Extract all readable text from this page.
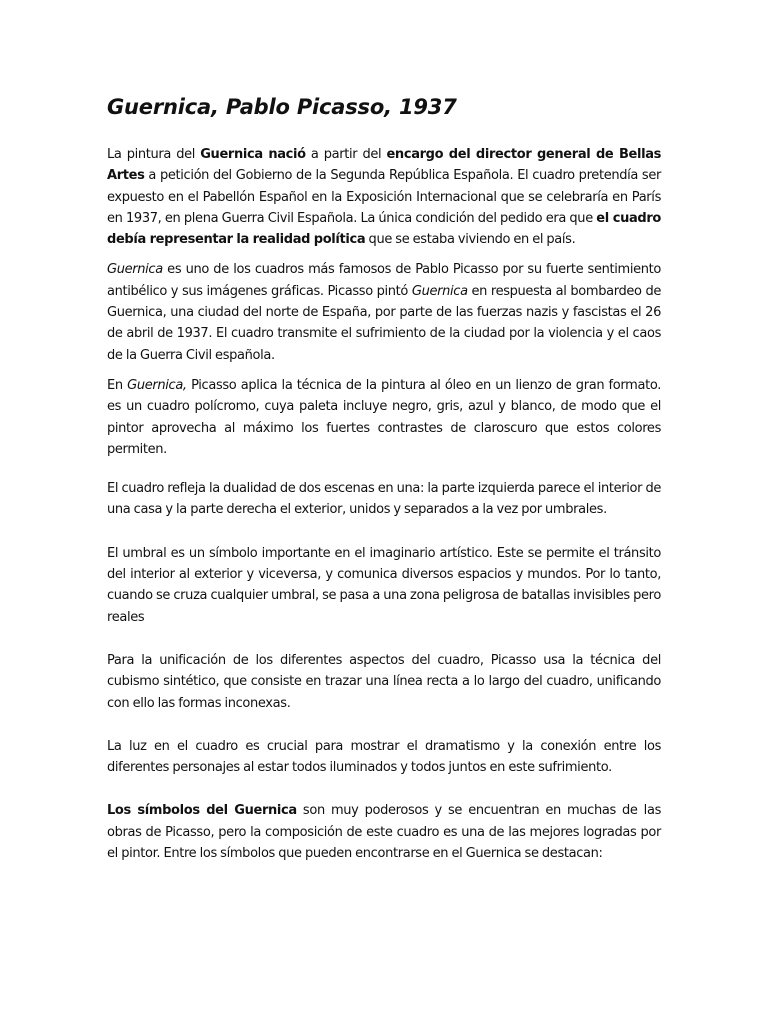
Guernica, Pablo Picasso, 1937

La pintura del Guernica nació a partir del encargo del director general de Bellas Artes a petición del Gobierno de la Segunda República Española. El cuadro pretendía ser expuesto en el Pabellón Español en la Exposición Internacional que se celebraría en París en 1937, en plena Guerra Civil Española. La única condición del pedido era que el cuadro debía representar la realidad política que se estaba viviendo en el país.

Guernica es uno de los cuadros más famosos de Pablo Picasso por su fuerte sentimiento antibélico y sus imágenes gráficas. Picasso pintó Guernica en respuesta al bombardeo de Guernica, una ciudad del norte de España, por parte de las fuerzas nazis y fascistas el 26 de abril de 1937. El cuadro transmite el sufrimiento de la ciudad por la violencia y el caos de la Guerra Civil española.

En Guernica, Picasso aplica la técnica de la pintura al óleo en un lienzo de gran formato. es un cuadro polícromo, cuya paleta incluye negro, gris, azul y blanco, de modo que el pintor aprovecha al máximo los fuertes contrastes de claroscuro que estos colores permiten.

El cuadro refleja la dualidad de dos escenas en una: la parte izquierda parece el interior de una casa y la parte derecha el exterior, unidos y separados a la vez por umbrales.

El umbral es un símbolo importante en el imaginario artístico. Este se permite el tránsito del interior al exterior y viceversa, y comunica diversos espacios y mundos. Por lo tanto, cuando se cruza cualquier umbral, se pasa a una zona peligrosa de batallas invisibles pero reales

Para la unificación de los diferentes aspectos del cuadro, Picasso usa la técnica del cubismo sintético, que consiste en trazar una línea recta a lo largo del cuadro, unificando con ello las formas inconexas.

La luz en el cuadro es crucial para mostrar el dramatismo y la conexión entre los diferentes personajes al estar todos iluminados y todos juntos en este sufrimiento.

Los símbolos del Guernica son muy poderosos y se encuentran en muchas de las obras de Picasso, pero la composición de este cuadro es una de las mejores logradas por el pintor. Entre los símbolos que pueden encontrarse en el Guernica se destacan:
